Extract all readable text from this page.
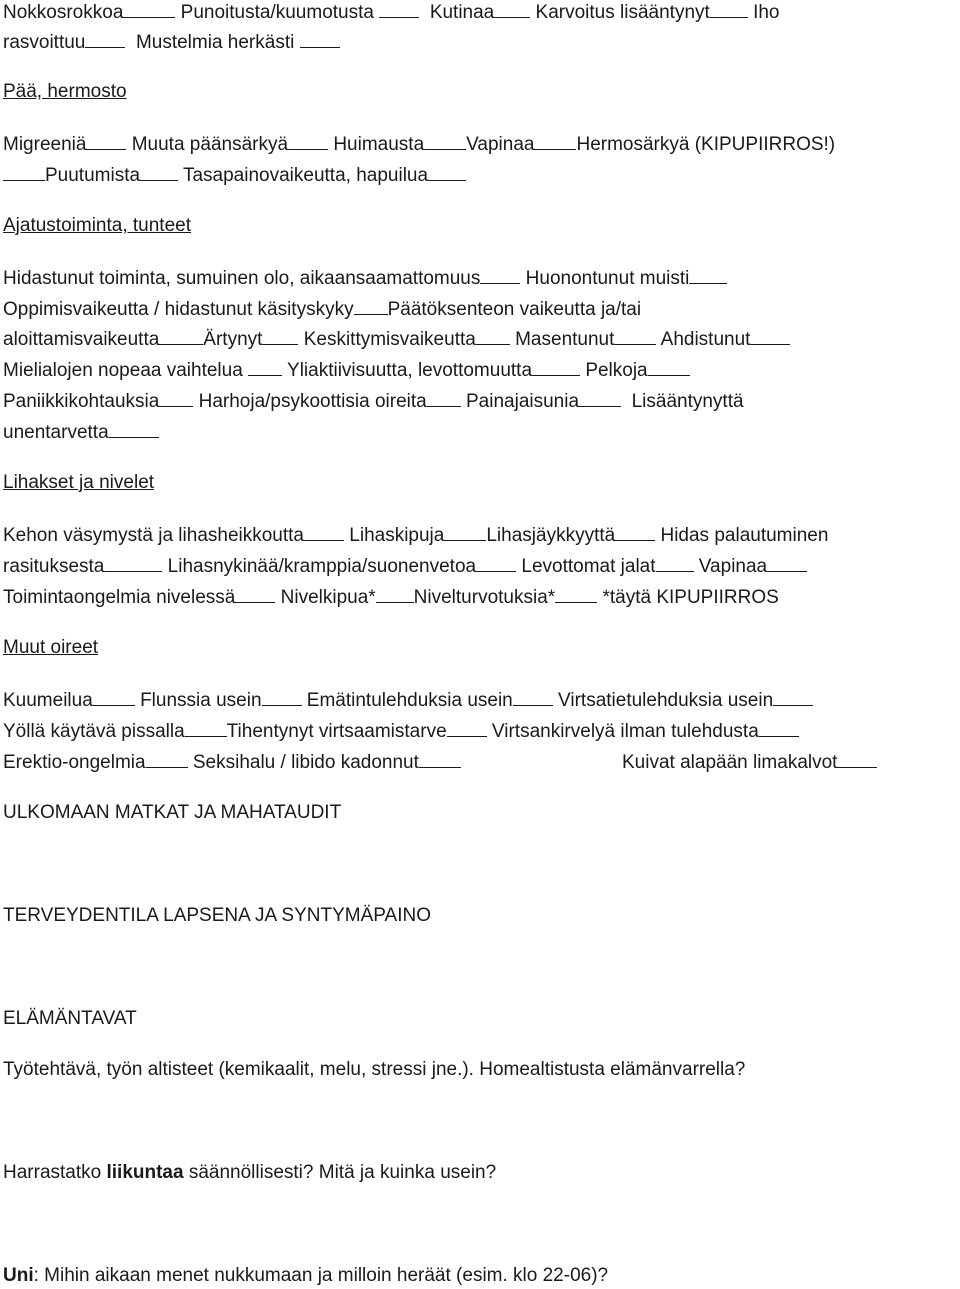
Nokkosrokkoa	Punoitusta/kuumotusta	Kutinaa Karvoitus lisääntynyt Iho
rasvoittuu	Mustelmia herkästi
Pää, hermosto
Migreeniä Muuta päänsärkyä Huimausta Vapinaa Hermosärkyä (KIPUPIIRROS!)
Puutumista Tasapainovaikeutta, hapuilua
Ajatustoiminta, tunteet
Hidastunut toiminta, sumuinen olo, aikaansaamattomuus Huonontunut muisti
Oppimisvaikeutta / hidastunut käsityskyky Päätöksenteon vaikeutta ja/tai
aloittamisvaikeutta Ärtynyt Keskittymisvaikeutta Masentunut Ahdistunut
Mielialojen nopeaa vaihtelua Yliaktiivisuutta, levottomuutta	Pelkoja
Paniikkikohtauksia Harhoja/psykoottisia oireita Painajaisunia	Lisääntynyttä
unentarvetta
Lihakset ja nivelet
Kehon väsymystä ja lihasheikkoutta Lihaskipuja Lihasjäykkyyttä Hidas palautuminen
rasituksesta	Lihasnykinää/kramppia/suonenvetoa Levottomat jalat Vapinaa
Toimintaongelmia nivelessä Nivelkipua* Nivelturvotuksia* *täytä KIPUPIIRROS
Muut oireet
Kuumeilua Flunssia usein Emätintulehduksia usein Virtsatietulehduksia usein
Yöllä käytävä pissalla Tihentynyt virtsaamistarve Virtsankirvelyä ilman tulehdusta
Erektio-ongelmia Seksihalu / libido kadonnut	Kuivat alapään limakalvot
ULKOMAAN MATKAT JA MAHATAUDIT
TERVEYDENTILA LAPSENA JA SYNTYMÄPAINO
ELÄMÄNTAVAT
Työtehtävä, työn altisteet (kemikaalit, melu, stressi jne.). Homealtistusta elämänvarrella?
Harrastatko liikuntaa säännöllisesti? Mitä ja kuinka usein?
Uni: Mihin aikaan menet nukkumaan ja milloin heräät (esim. klo 22-06)?
